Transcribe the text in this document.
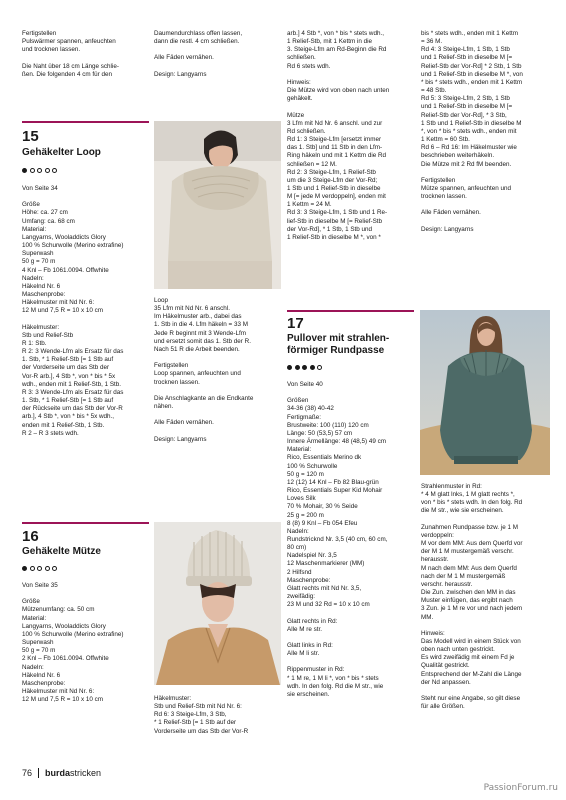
Fertigstellen
Pulswärmer spannen, anfeuchten
und trocknen lassen.

Die Naht über 18 cm Länge schlie-
ßen. Die folgenden 4 cm für den

Daumendurchlass offen lassen,
dann die restl. 4 cm schließen.

Alle Fäden vernähen.

Design: Langyarns

arb.] 4 Stb *, von * bis * stets wdh.,
1 Relief-Stb, mit 1 Kettm in die
3. Steige-Lfm am Rd-Beginn die Rd
schließen.
Rd 6 stets wdh.

Hinweis:
Die Mütze wird von oben nach unten
gehäkelt.

Mütze
3 Lfm mit Nd Nr. 6 anschl. und zur
Rd schließen.
Rd 1: 3 Steige-Lfm [ersetzt immer
das 1. Stb] und 11 Stb in den Lfm-
Ring häkeln und mit 1 Kettm die Rd
schließen = 12 M.
Rd 2: 3 Steige-Lfm, 1 Relief-Stb
um die 3 Steige-Lfm der Vor-Rd;
1 Stb und 1 Relief-Stb in dieselbe
M [= jede M verdoppeln], enden mit
1 Kettm = 24 M.
Rd 3: 3 Steige-Lfm, 1 Stb und 1 Re-
lief-Stb in dieselbe M [= Relief-Stb
der Vor-Rd], * 1 Stb, 1 Stb und
1 Relief-Stb in dieselbe M *, von *

bis * stets wdh., enden mit 1 Kettm
= 36 M.
Rd 4: 3 Steige-Lfm, 1 Stb, 1 Stb
und 1 Relief-Stb in dieselbe M [=
Relief-Stb der Vor-Rd] * 2 Stb, 1 Stb
und 1 Relief-Stb in dieselbe M *, von
* bis * stets wdh., enden mit 1 Kettm
= 48 Stb.
Rd 5: 3 Steige-Lfm, 2 Stb, 1 Stb
und 1 Relief-Stb in dieselbe M [=
Relief-Stb der Vor-Rd], * 3 Stb,
1 Stb und 1 Relief-Stb in dieselbe M
*, von * bis * stets wdh., enden mit
1 Kettm = 60 Stb.
Rd 6 – Rd 16: Im Häkelmuster wie
beschrieben weiterhäkeln.
Die Mütze mit 2 Rd fM beenden.

Fertigstellen
Mütze spannen, anfeuchten und
trocknen lassen.

Alle Fäden vernähen.

Design: Langyarns

15

Gehäkelter Loop

Von Seite 34

Größe
Höhe: ca. 27 cm
Umfang: ca. 68 cm
Material:
Langyarns, Wooladdicts Glory
100 % Schurwolle (Merino extrafine)
Superwash
50 g = 70 m
4 Knl – Fb 1061.0094. Offwhite
Nadeln:
Häkelnd Nr. 6
Maschenprobe:
Häkelmuster mit Nd Nr. 6:
12 M und 7,5 R = 10 x 10 cm

Häkelmuster:
Stb und Relief-Stb
R 1: Stb.
R 2: 3 Wende-Lfm als Ersatz für das
1. Stb, * 1 Relief-Stb [= 1 Stb auf
der Vorderseite um das Stb der
Vor-R arb.], 4 Stb *, von * bis * 5x
wdh., enden mit 1 Relief-Stb, 1 Stb.
R 3: 3 Wende-Lfm als Ersatz für das
1. Stb, * 1 Relief-Stb [= 1 Stb auf
der Rückseite um das Stb der Vor-R
arb.], 4 Stb *, von * bis * 5x wdh.,
enden mit 1 Relief-Stb, 1 Stb.
R 2 – R 3 stets wdh.

Loop
35 Lfm mit Nd Nr. 6 anschl.
Im Häkelmuster arb., dabei das
1. Stb in die 4. Lfm häkeln = 33 M
Jede R beginnt mit 3 Wende-Lfm
und ersetzt somit das 1. Stb der R.
Nach 51 R die Arbeit beenden.

Fertigstellen
Loop spannen, anfeuchten und
trocknen lassen.

Die Anschlagkante an die Endkante
nähen.

Alle Fäden vernähen.

Design: Langyarns

16

Gehäkelte Mütze

Von Seite 35

Größe
Mützenumfang: ca. 50 cm
Material:
Langyarns, Wooladdicts Glory
100 % Schurwolle (Merino extrafine)
Superwash
50 g = 70 m
2 Knl – Fb 1061.0094. Offwhite
Nadeln:
Häkelnd Nr. 6
Maschenprobe:
Häkelmuster mit Nd Nr. 6:
12 M und 7,5 R = 10 x 10 cm	Häkelmuster:
Stb und Relief-Stb mit Nd Nr. 6:
Rd 6: 3 Steige-Lfm, 3 Stb,
* 1 Relief-Stb [= 1 Stb auf der
Vorderseite um das Stb der Vor-R

17

Pullover mit strahlen-
förmiger Rundpasse

Von Seite 40

Größen
34-36 (38) 40-42
Fertigmaße:
Brustweite: 100 (110) 120 cm
Länge: 50 (53,5) 57 cm
Innere Ärmellänge: 48 (48,5) 49 cm
Material:
Rico, Essentials Merino dk
100 % Schurwolle
50 g = 120 m
12 (12) 14 Knl – Fb 82 Blau-grün
Rico, Essentials Super Kid Mohair
Loves Silk
70 % Mohair, 30 % Seide
25 g = 200 m
8 (8) 9 Knl – Fb 054 Efeu
Nadeln:
Rundstricknd Nr. 3,5 (40 cm, 60 cm,
80 cm)
Nadelspiel Nr. 3,5
12 Maschenmarkierer (MM)
2 Hilfsnd
Maschenprobe:
Glatt rechts mit Nd Nr. 3,5,
zweifädig:
23 M und 32 Rd = 10 x 10 cm

Glatt rechts in Rd:
Alle M re str.

Glatt links in Rd:
Alle M li str.

Rippenmuster in Rd:
* 1 M re, 1 M li *, von * bis * stets
wdh. In den folg. Rd die M str., wie
sie erscheinen.

Strahlenmuster in Rd:
* 4 M glatt lnks, 1 M glatt rechts *,
von * bis * stets wdh. In den folg. Rd
die M str., wie sie erscheinen.

Zunahmen Rundpasse bzw. je 1 M
verdoppeln:
M vor dem MM: Aus dem Querfd vor
der M 1 M mustergemäß verschr.
herausstr.
M nach dem MM: Aus dem Querfd
nach der M 1 M mustergemäß
verschr. herausstr.
Die Zun. zwischen den MM in das
Muster einfügen, das ergibt nach
3 Zun. je 1 M re vor und nach jedem
MM.

Hinweis:
Das Modell wird in einem Stück von
oben nach unten gestrickt.
Es wird zweifädig mit einem Fd je
Qualität gestrickt.
Entsprechend der M-Zahl die Länge
der Nd anpassen.

Steht nur eine Angabe, so gilt diese
für alle Größen.

76 burdastricken
PassionForum.ru
